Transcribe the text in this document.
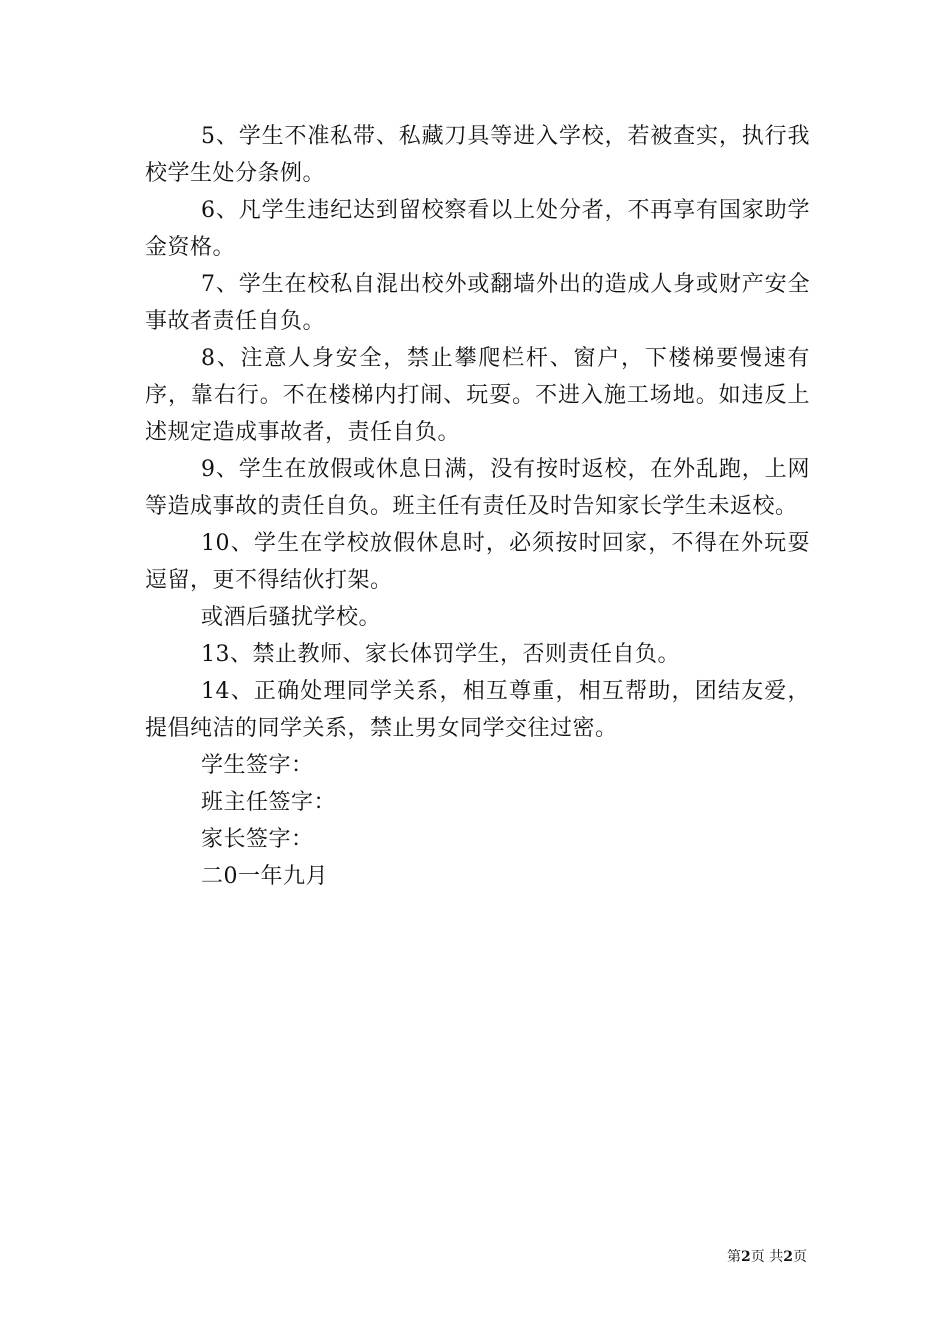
5、学生不准私带、私藏刀具等进入学校，若被查实，执行我校学生处分条例。

6、凡学生违纪达到留校察看以上处分者，不再享有国家助学金资格。

7、学生在校私自混出校外或翻墙外出的造成人身或财产安全事故者责任自负。

8、注意人身安全，禁止攀爬栏杆、窗户，下楼梯要慢速有序，靠右行。不在楼梯内打闹、玩耍。不进入施工场地。如违反上述规定造成事故者，责任自负。

9、学生在放假或休息日满，没有按时返校，在外乱跑，上网等造成事故的责任自负。班主任有责任及时告知家长学生未返校。

10、学生在学校放假休息时，必须按时回家，不得在外玩耍逗留，更不得结伙打架。

或酒后骚扰学校。

13、禁止教师、家长体罚学生，否则责任自负。

14、正确处理同学关系，相互尊重，相互帮助，团结友爱，提倡纯洁的同学关系，禁止男女同学交往过密。

学生签字：

班主任签字：

家长签字：

二0一年九月

第2页 共2页
